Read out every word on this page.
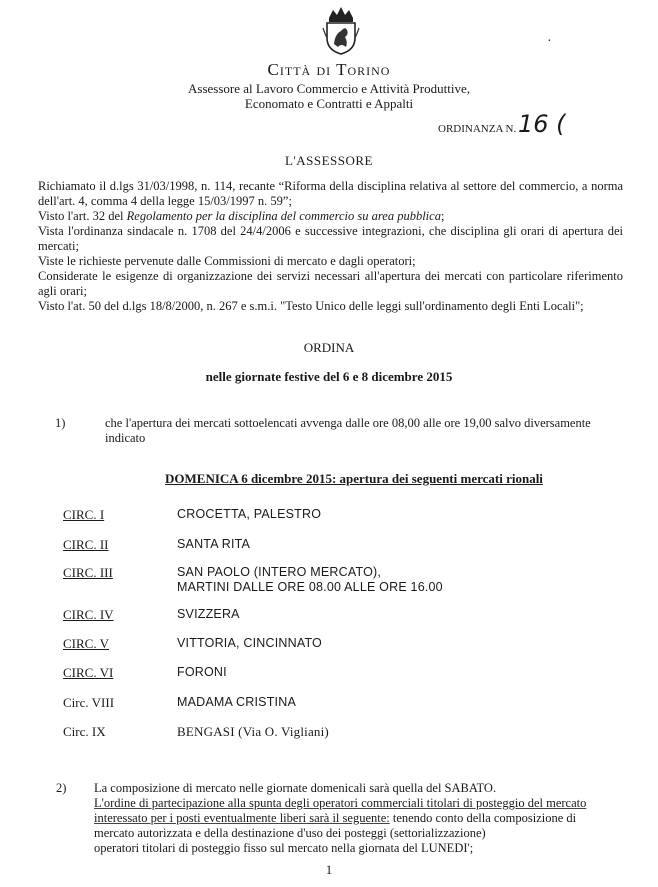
·
Città di Torino
Assessore al Lavoro Commercio e Attività Produttive,
Economato e Contratti e Appalti
ORDINANZA N. 16 (
L'ASSESSORE

Richiamato il d.lgs 31/03/1998, n. 114, recante “Riforma della disciplina relativa al settore del commercio, a norma dell'art. 4, comma 4 della legge 15/03/1997 n. 59”;

Visto l'art. 32 del Regolamento per la disciplina del commercio su area pubblica;

Vista l'ordinanza sindacale n. 1708 del 24/4/2006 e successive integrazioni, che disciplina gli orari di apertura dei mercati;

Viste le richieste pervenute dalle Commissioni di mercato e dagli operatori;

Considerate le esigenze di organizzazione dei servizi necessari all'apertura dei mercati con particolare riferimento agli orari;

Visto l'at. 50 del d.lgs 18/8/2000, n. 267 e s.m.i. "Testo Unico delle leggi sull'ordinamento degli Enti Locali";

ORDINA
nelle giornate festive del 6 e 8 dicembre 2015
1)	che l'apertura dei mercati sottoelencati avvenga dalle ore 08,00 alle ore 19,00 salvo diversamente indicato
DOMENICA 6 dicembre 2015: apertura dei seguenti mercati rionali
CIRC. I	CROCETTA, PALESTRO
CIRC. II	SANTA RITA
CIRC. III	SAN PAOLO (INTERO MERCATO),
MARTINI DALLE ORE 08.00 ALLE ORE 16.00
CIRC. IV	SVIZZERA
CIRC. V	VITTORIA, CINCINNATO
CIRC. VI	FORONI
Circ. VIII	MADAMA CRISTINA
Circ. IX	BENGASI (Via O. Vigliani)
2) La composizione di mercato nelle giornate domenicali sarà quella del SABATO.
L'ordine di partecipazione alla spunta degli operatori commerciali titolari di posteggio del mercato
interessato per i posti eventualmente liberi sarà il seguente: tenendo conto della composizione di
mercato autorizzata e della destinazione d'uso dei posteggi (settorializzazione)
operatori titolari di posteggio fisso sul mercato nella giornata del LUNEDI';
1
